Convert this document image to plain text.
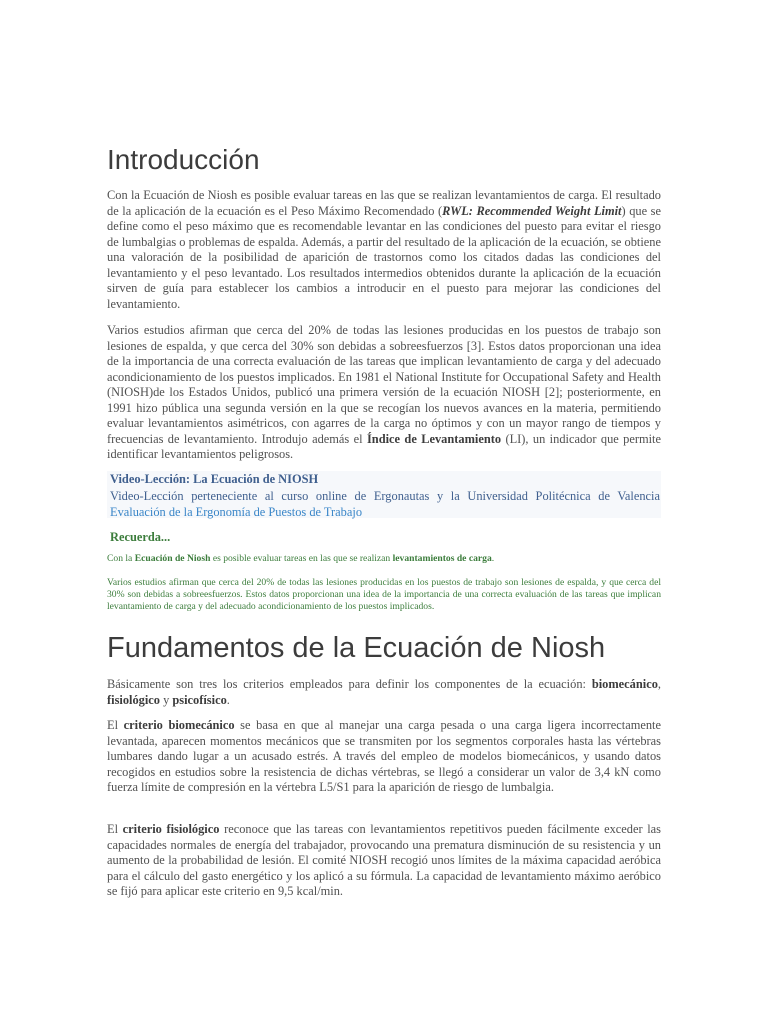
Introducción

Con la Ecuación de Niosh es posible evaluar tareas en las que se realizan levantamientos de carga. El resultado de la aplicación de la ecuación es el Peso Máximo Recomendado (RWL: Recommended Weight Limit) que se define como el peso máximo que es recomendable levantar en las condiciones del puesto para evitar el riesgo de lumbalgias o problemas de espalda. Además, a partir del resultado de la aplicación de la ecuación, se obtiene una valoración de la posibilidad de aparición de trastornos como los citados dadas las condiciones del levantamiento y el peso levantado. Los resultados intermedios obtenidos durante la aplicación de la ecuación sirven de guía para establecer los cambios a introducir en el puesto para mejorar las condiciones del levantamiento.

Varios estudios afirman que cerca del 20% de todas las lesiones producidas en los puestos de trabajo son lesiones de espalda, y que cerca del 30% son debidas a sobreesfuerzos [3]. Estos datos proporcionan una idea de la importancia de una correcta evaluación de las tareas que implican levantamiento de carga y del adecuado acondicionamiento de los puestos implicados. En 1981 el National Institute for Occupational Safety and Health (NIOSH)de los Estados Unidos, publicó una primera versión de la ecuación NIOSH [2]; posteriormente, en 1991 hizo pública una segunda versión en la que se recogían los nuevos avances en la materia, permitiendo evaluar levantamientos asimétricos, con agarres de la carga no óptimos y con un mayor rango de tiempos y frecuencias de levantamiento. Introdujo además el Índice de Levantamiento (LI), un indicador que permite identificar levantamientos peligrosos.

Video-Lección: La Ecuación de NIOSH
Video-Lección perteneciente al curso online de Ergonautas y la Universidad Politécnica de Valencia Evaluación de la Ergonomía de Puestos de Trabajo
Recuerda...
Con la Ecuación de Niosh es posible evaluar tareas en las que se realizan levantamientos de carga.
Varios estudios afirman que cerca del 20% de todas las lesiones producidas en los puestos de trabajo son lesiones de espalda, y que cerca del 30% son debidas a sobreesfuerzos. Estos datos proporcionan una idea de la importancia de una correcta evaluación de las tareas que implican levantamiento de carga y del adecuado acondicionamiento de los puestos implicados.
Fundamentos de la Ecuación de Niosh

Básicamente son tres los criterios empleados para definir los componentes de la ecuación: biomecánico, fisiológico y psicofísico.

El criterio biomecánico se basa en que al manejar una carga pesada o una carga ligera incorrectamente levantada, aparecen momentos mecánicos que se transmiten por los segmentos corporales hasta las vértebras lumbares dando lugar a un acusado estrés. A través del empleo de modelos biomecánicos, y usando datos recogidos en estudios sobre la resistencia de dichas vértebras, se llegó a considerar un valor de 3,4 kN como fuerza límite de compresión en la vértebra L5/S1 para la aparición de riesgo de lumbalgia.

El criterio fisiológico reconoce que las tareas con levantamientos repetitivos pueden fácilmente exceder las capacidades normales de energía del trabajador, provocando una prematura disminución de su resistencia y un aumento de la probabilidad de lesión. El comité NIOSH recogió unos límites de la máxima capacidad aeróbica para el cálculo del gasto energético y los aplicó a su fórmula. La capacidad de levantamiento máximo aeróbico se fijó para aplicar este criterio en 9,5 kcal/min.
